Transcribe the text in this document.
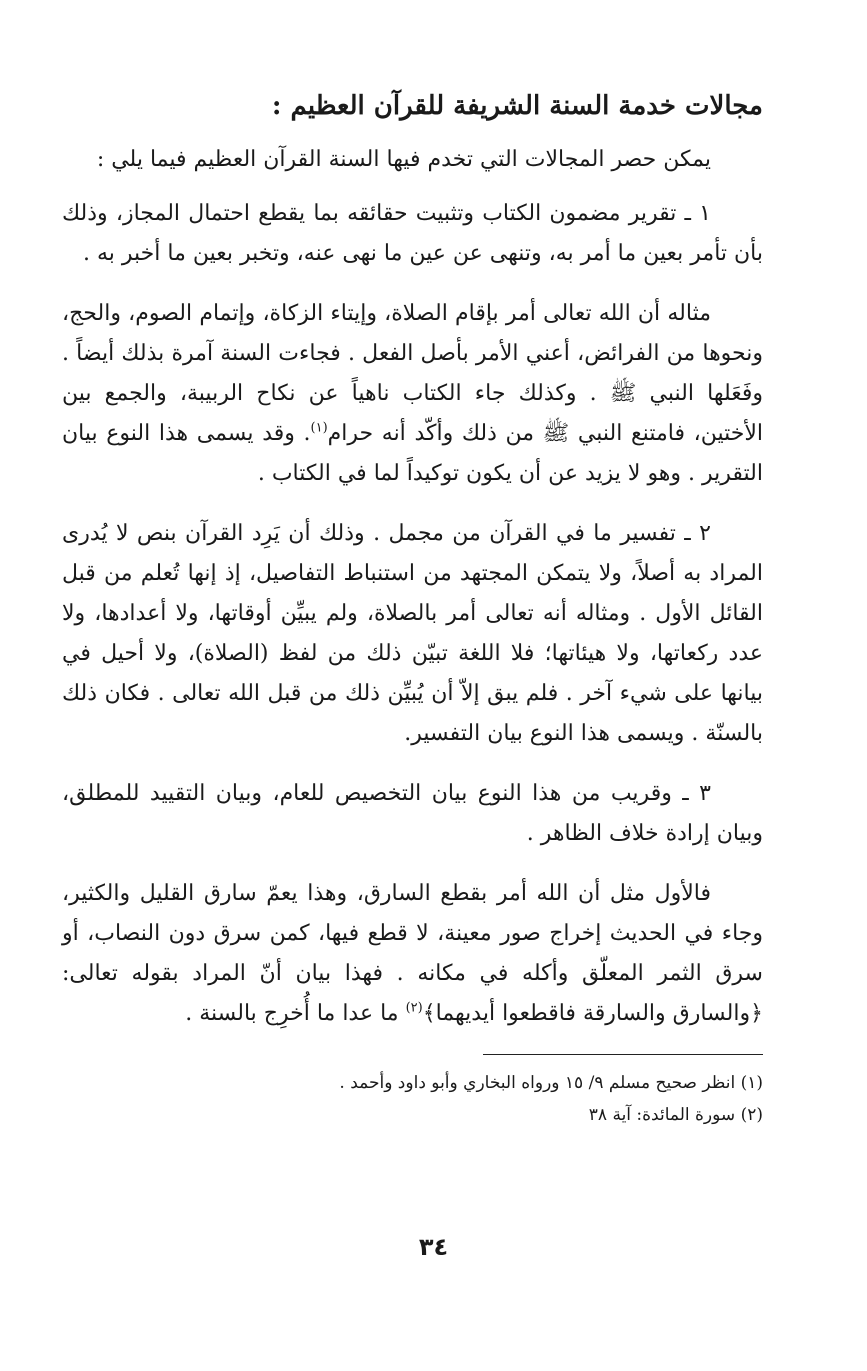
مجالات خدمة السنة الشريفة للقرآن العظيم :

يمكن حصر المجالات التي تخدم فيها السنة القرآن العظيم فيما يلي :

١ ـ تقرير مضمون الكتاب وتثبيت حقائقه بما يقطع احتمال المجاز، وذلك بأن تأمر بعين ما أمر به، وتنهى عن عين ما نهى عنه، وتخبر بعين ما أخبر به .

مثاله أن الله تعالى أمر بإقام الصلاة، وإيتاء الزكاة، وإتمام الصوم، والحج، ونحوها من الفرائض، أعني الأمر بأصل الفعل . فجاءت السنة آمرة بذلك أيضاً . وفَعَلها النبي ﷺ . وكذلك جاء الكتاب ناهياً عن نكاح الربيبة، والجمع بين الأختين، فامتنع النبي ﷺ من ذلك وأكّد أنه حرام$^{(١)}$. وقد يسمى هذا النوع بيان التقرير . وهو لا يزيد عن أن يكون توكيداً لما في الكتاب .

٢ ـ تفسير ما في القرآن من مجمل . وذلك أن يَرِد القرآن بنص لا يُدرى المراد به أصلاً، ولا يتمكن المجتهد من استنباط التفاصيل، إذ إنها تُعلم من قبل القائل الأول . ومثاله أنه تعالى أمر بالصلاة، ولم يبيِّن أوقاتها، ولا أعدادها، ولا عدد ركعاتها، ولا هيئاتها؛ فلا اللغة تبيّن ذلك من لفظ (الصلاة)، ولا أحيل في بيانها على شيء آخر . فلم يبق إلاّ أن يُبيِّن ذلك من قبل الله تعالى . فكان ذلك بالسنّة . ويسمى هذا النوع بيان التفسير.

٣ ـ وقريب من هذا النوع بيان التخصيص للعام، وبيان التقييد للمطلق، وبيان إرادة خلاف الظاهر .

فالأول مثل أن الله أمر بقطع السارق، وهذا يعمّ سارق القليل والكثير، وجاء في الحديث إخراج صور معينة، لا قطع فيها، كمن سرق دون النصاب، أو سرق الثمر المعلّق وأكله في مكانه . فهذا بيان أنّ المراد بقوله تعالى: ﴿والسارق والسارقة فاقطعوا أيديهما﴾$^{(٢)}$ ما عدا ما أُخرِج بالسنة .

(١) انظر صحيح مسلم ٩/ ١٥ ورواه البخاري وأبو داود وأحمد .

(٢) سورة المائدة: آية ٣٨

٣٤
